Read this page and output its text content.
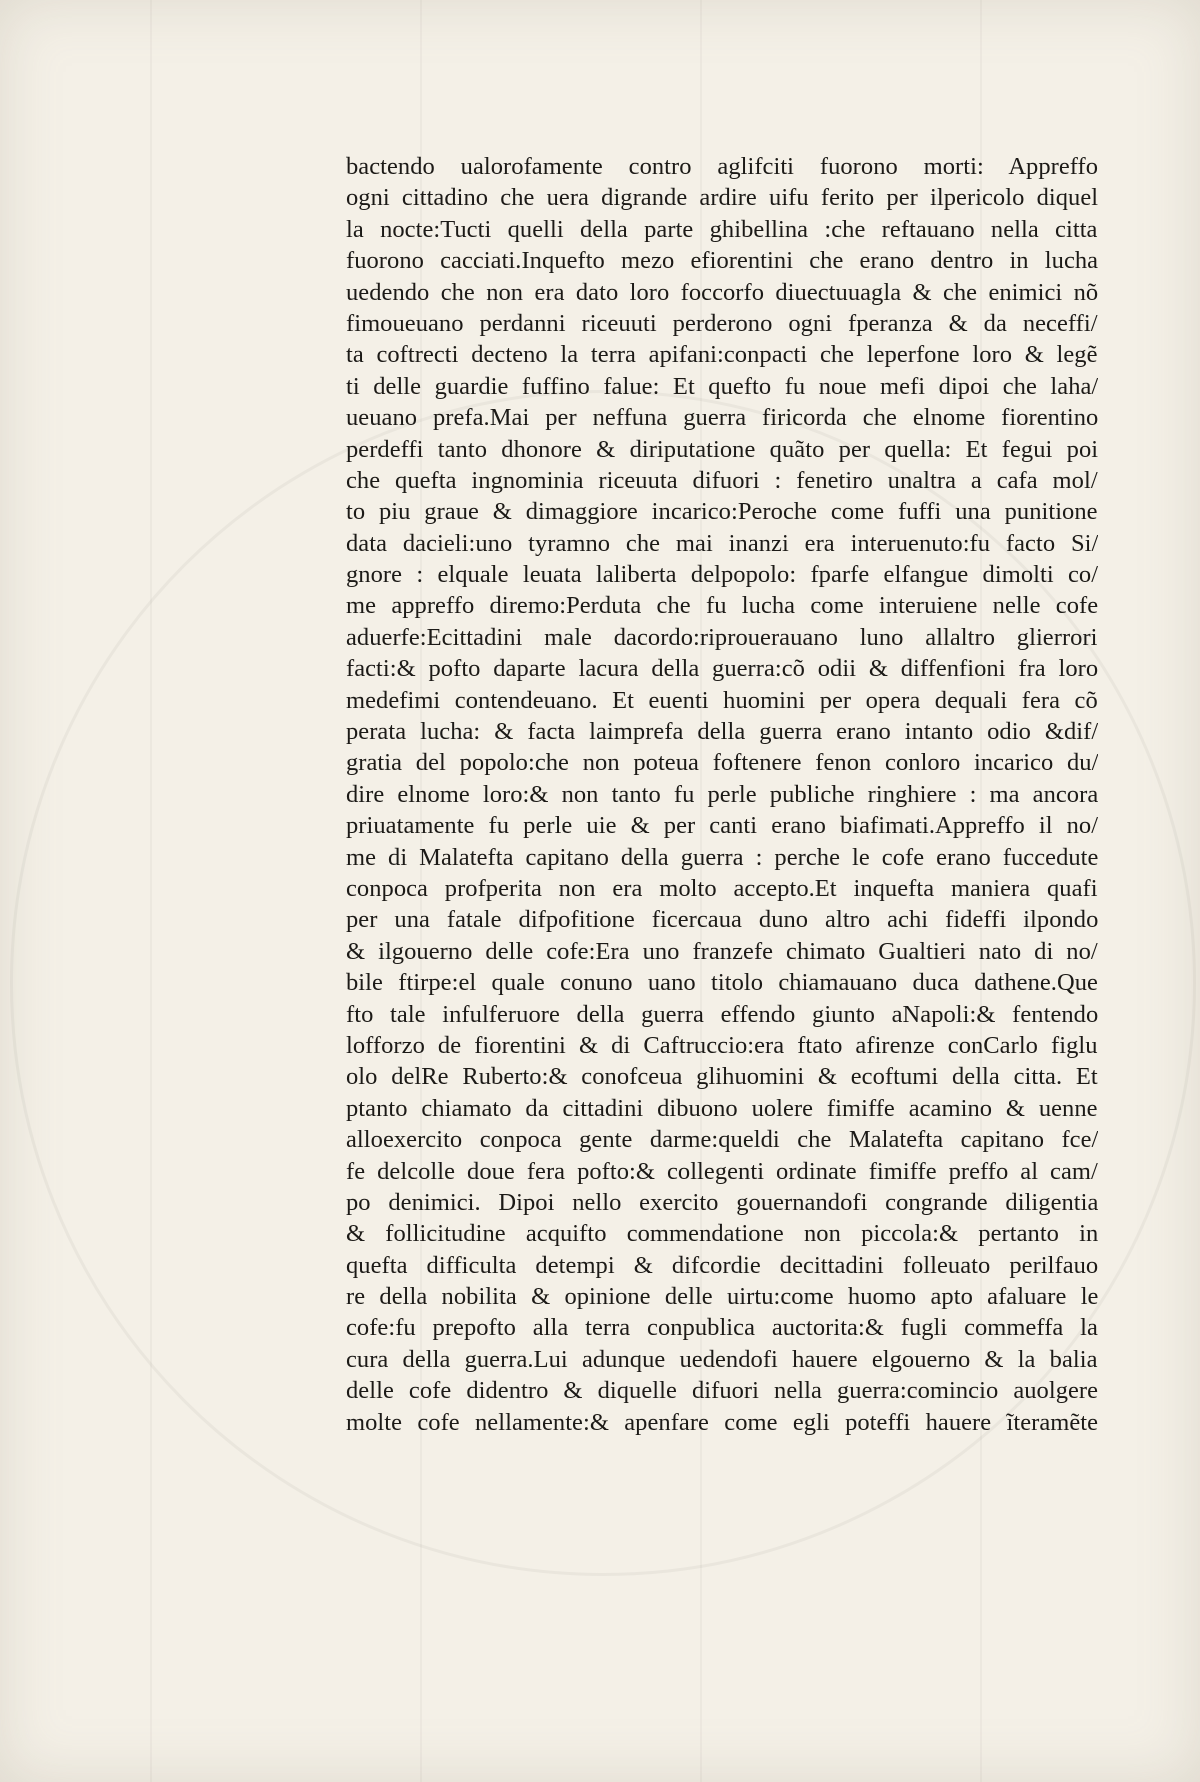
bactendo ualorofamente contro aglifciti fuorono morti: Appreffo
ogni cittadino che uera digrande ardire uifu ferito per ilpericolo diquel
la nocte:Tucti quelli della parte ghibellina :che reftauano nella citta
fuorono cacciati.Inquefto mezo efiorentini che erano dentro in lucha
uedendo che non era dato loro foccorfo diuectuuagla & che enimici nõ
fimoueuano perdanni riceuuti perderono ogni fperanza & da neceffi/
ta coftrecti decteno la terra apifani:conpacti che leperfone loro & legẽ
ti delle guardie fuffino falue: Et quefto fu noue mefi dipoi che laha/
ueuano prefa.Mai per neffuna guerra firicorda che elnome fiorentino
perdeffi tanto dhonore & diriputatione quãto per quella: Et fegui poi
che quefta ingnominia riceuuta difuori : fenetiro unaltra a cafa mol/
to piu graue & dimaggiore incarico:Peroche come fuffi una punitione
data dacieli:uno tyramno che mai inanzi era interuenuto:fu facto Si/
gnore : elquale leuata laliberta delpopolo: fparfe elfangue dimolti co/
me appreffo diremo:Perduta che fu lucha come interuiene nelle cofe
aduerfe:Ecittadini male dacordo:riprouerauano luno allaltro glierrori
facti:& pofto daparte lacura della guerra:cõ odii & diffenfioni fra loro
medefimi contendeuano. Et euenti huomini per opera dequali fera cõ
perata lucha: & facta laimprefa della guerra erano intanto odio &dif/
gratia del popolo:che non poteua foftenere fenon conloro incarico du/
dire elnome loro:& non tanto fu perle publiche ringhiere : ma ancora
priuatamente fu perle uie & per canti erano biafimati.Appreffo il no/
me di Malatefta capitano della guerra : perche le cofe erano fuccedute
conpoca profperita non era molto accepto.Et inquefta maniera quafi
per una fatale difpofitione ficercaua duno altro achi fideffi ilpondo
& ilgouerno delle cofe:Era uno franzefe chimato Gualtieri nato di no/
bile ftirpe:el quale conuno uano titolo chiamauano duca dathene.Que
fto tale infulferuore della guerra effendo giunto aNapoli:& fentendo
lofforzo de fiorentini & di Caftruccio:era ftato afirenze conCarlo figlu
olo delRe Ruberto:& conofceua glihuomini & ecoftumi della citta. Et
ptanto chiamato da cittadini dibuono uolere fimiffe acamino & uenne
alloexercito conpoca gente darme:queldi che Malatefta capitano fce/
fe delcolle doue fera pofto:& collegenti ordinate fimiffe preffo al cam/
po denimici. Dipoi nello exercito gouernandofi congrande diligentia
& follicitudine acquifto commendatione non piccola:& pertanto in
quefta difficulta detempi & difcordie decittadini folleuato perilfauo
re della nobilita & opinione delle uirtu:come huomo apto afaluare le
cofe:fu prepofto alla terra conpublica auctorita:& fugli commeffa la
cura della guerra.Lui adunque uedendofi hauere elgouerno & la balia
delle cofe didentro & diquelle difuori nella guerra:comincio auolgere
molte cofe nellamente:& apenfare come egli poteffi hauere ĩteramẽte
